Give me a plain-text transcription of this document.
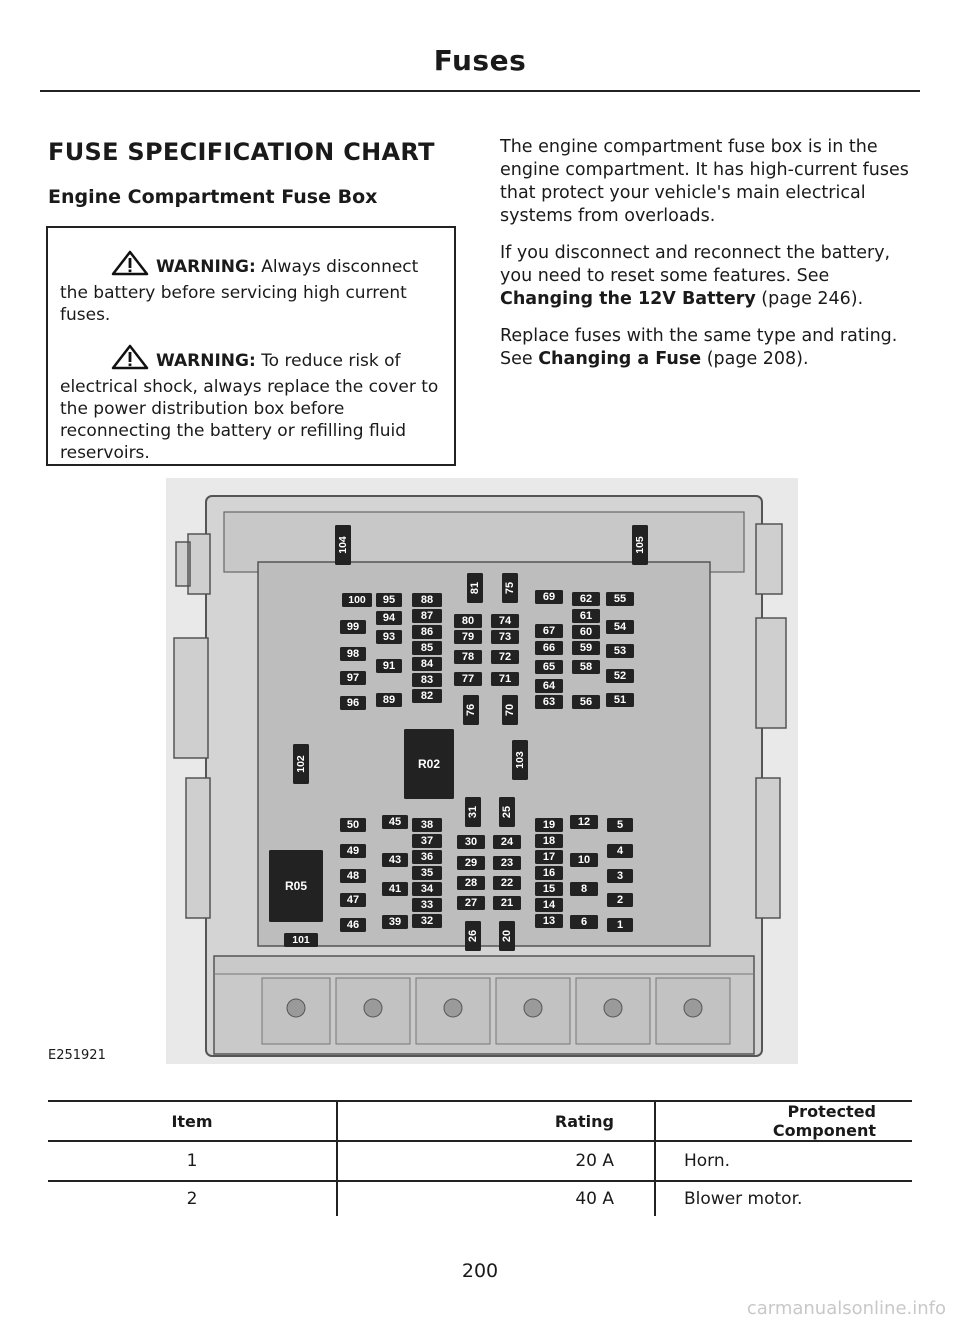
Fuses
FUSE SPECIFICATION CHART
Engine Compartment Fuse Box

WARNING: Always disconnect the battery before servicing high current fuses.

WARNING: To reduce risk of electrical shock, always replace the cover to the power distribution box before reconnecting the battery or refilling fluid reservoirs.

The engine compartment fuse box is in the engine compartment. It has high-current fuses that protect your vehicle's main electrical systems from overloads.

If you disconnect and reconnect the battery, you need to reset some features. See Changing the 12V Battery (page 246).

Replace fuses with the same type and rating. See Changing a Fuse (page 208).

R02
R05
1
2
3
4
5
6
8
10
12
13
14
15
16
17
18
19
20
21
22
23
24
25
26
27
28
29
30
31
32
33
34
35
36
37
38
39
41
43
45
46
47
48
49
50
51
52
53
54
55
56
58
59
60
61
62
63
64
65
66
67
69
70
71
72
73
74
75
76
77
78
79
80
81
82
83
84
85
86
87
88
89
91
93
94
95
96
97
98
99
100
101
102	103
104	105
E251921
Item	Rating	Protected Component
1	20 A	Horn.
2	40 A	Blower motor.
200
carmanualsonline.info
